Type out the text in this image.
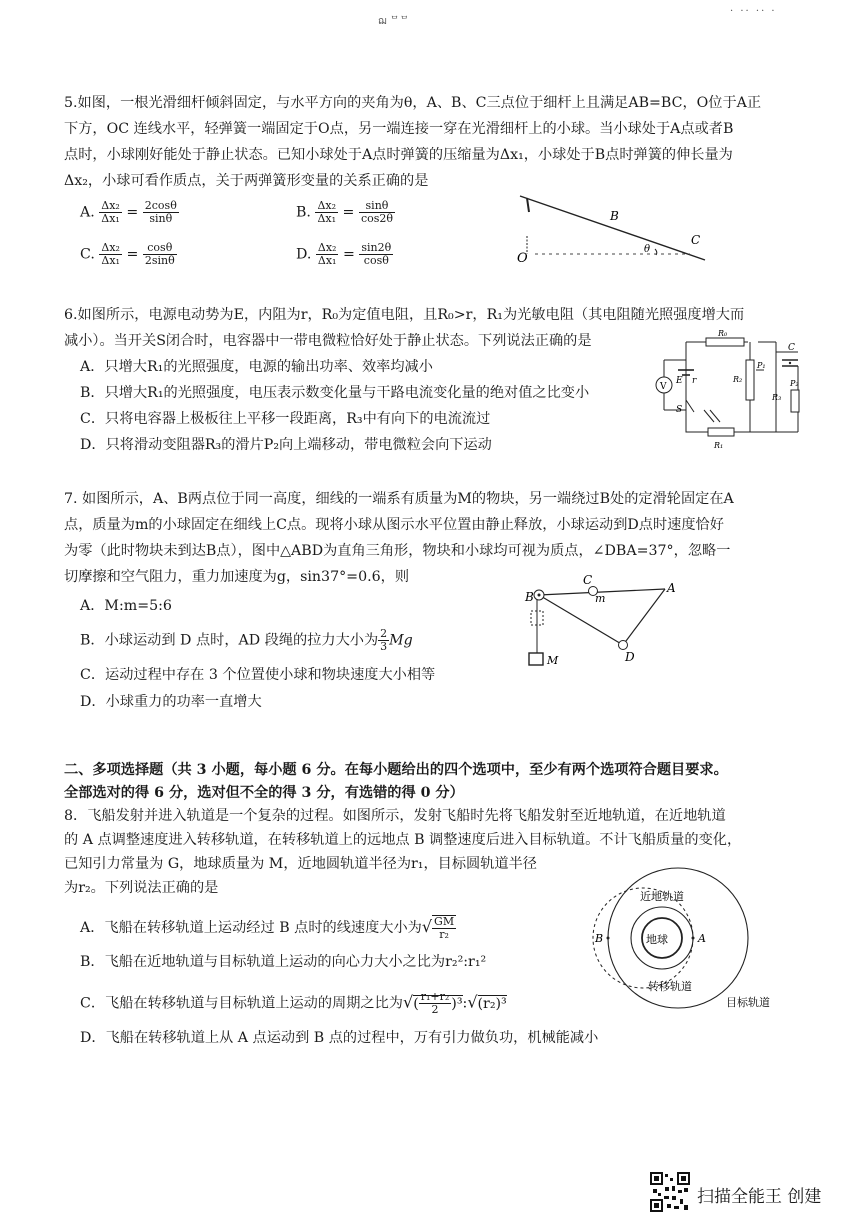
ฌ ᄆᄆ
· ·· ·· ·
5.如图，一根光滑细杆倾斜固定，与水平方向的夹角为θ，A、B、C三点位于细杆上且满足AB=BC，O位于A正
下方，OC 连线水平，轻弹簧一端固定于O点，另一端连接一穿在光滑细杆上的小球。当小球处于A点或者B
点时，小球刚好能处于静止状态。已知小球处于A点时弹簧的压缩量为Δx₁，小球处于B点时弹簧的伸长量为
Δx₂，小球可看作质点，关于两弹簧形变量的关系正确的是
A. $\frac{\text{Δx₂}}{\text{Δx₁}} = \frac{2\cos\theta}{\sin\theta}$	B. $\frac{\text{Δx₂}}{\text{Δx₁}} = \frac{\sin\theta}{\cos 2\theta}$
C. $\frac{\text{Δx₂}}{\text{Δx₁}} = \frac{\cos\theta}{2\sin\theta}$	D. $\frac{\text{Δx₂}}{\text{Δx₁}} = \frac{\sin 2\theta}{\cos\theta}$	O
B
C
θ
6.如图所示，电源电动势为E，内阻为r，R₀为定值电阻，且R₀>r，R₁为光敏电阻（其电阻随光照强度增大而
减小）。当开关S闭合时，电容器中一带电微粒恰好处于静止状态。下列说法正确的是
A．只增大R₁的光照强度，电源的输出功率、效率均减小
B．只增大R₁的光照强度，电压表示数变化量与干路电流变化量的绝对值之比变小
C．只将电容器上极板往上平移一段距离，R₃中有向下的电流流过
D．只将滑动变阻器R₃的滑片P₂向上端移动，带电微粒会向下运动
R₀
E r
V
S
R₁
R₂
P₁
C
R₃
P₂
7. 如图所示，A、B两点位于同一高度，细线的一端系有质量为M的物块，另一端绕过B处的定滑轮固定在A
点，质量为m的小球固定在细线上C点。现将小球从图示水平位置由静止释放，小球运动到D点时速度恰好
为零（此时物块未到达B点），图中△ABD为直角三角形，物块和小球均可视为质点，∠DBA=37°，忽略一
切摩擦和空气阻力，重力加速度为g，sin37°=0.6，则
A．M:m=5:6
B．小球运动到 D 点时，AD 段绳的拉力大小为 $\frac{2}{3}$ Mg
C．运动过程中存在 3 个位置使小球和物块速度大小相等
D．小球重力的功率一直增大
B
A
C
m
D
M
二、多项选择题（共 3 小题，每小题 6 分。在每小题给出的四个选项中，至少有两个选项符合题目要求。
全部选对的得 6 分，选对但不全的得 3 分，有选错的得 0 分）
8．飞船发射并进入轨道是一个复杂的过程。如图所示，发射飞船时先将飞船发射至近地轨道，在近地轨道
的 A 点调整速度进入转移轨道，在转移轨道上的远地点 B 调整速度后进入目标轨道。不计飞船质量的变化，
已知引力常量为 G，地球质量为 M，近地圆轨道半径为r₁，目标圆轨道半径
为r₂。下列说法正确的是
A．飞船在转移轨道上运动经过 B 点时的线速度大小为√ $\frac{GM}{\text{r₂}}$
B．飞船在近地轨道与目标轨道上运动的向心力大小之比为r₂²:r₁²
C．飞船在转移轨道与目标轨道上运动的周期之比为√( $\frac{\text{r₁+r₂}}{2}$ )³:√(r₂)³
D．飞船在转移轨道上从 A 点运动到 B 点的过程中，万有引力做负功，机械能减小
地球
近地轨道
转移轨道
目标轨道
B	A
扫描全能王 创建
